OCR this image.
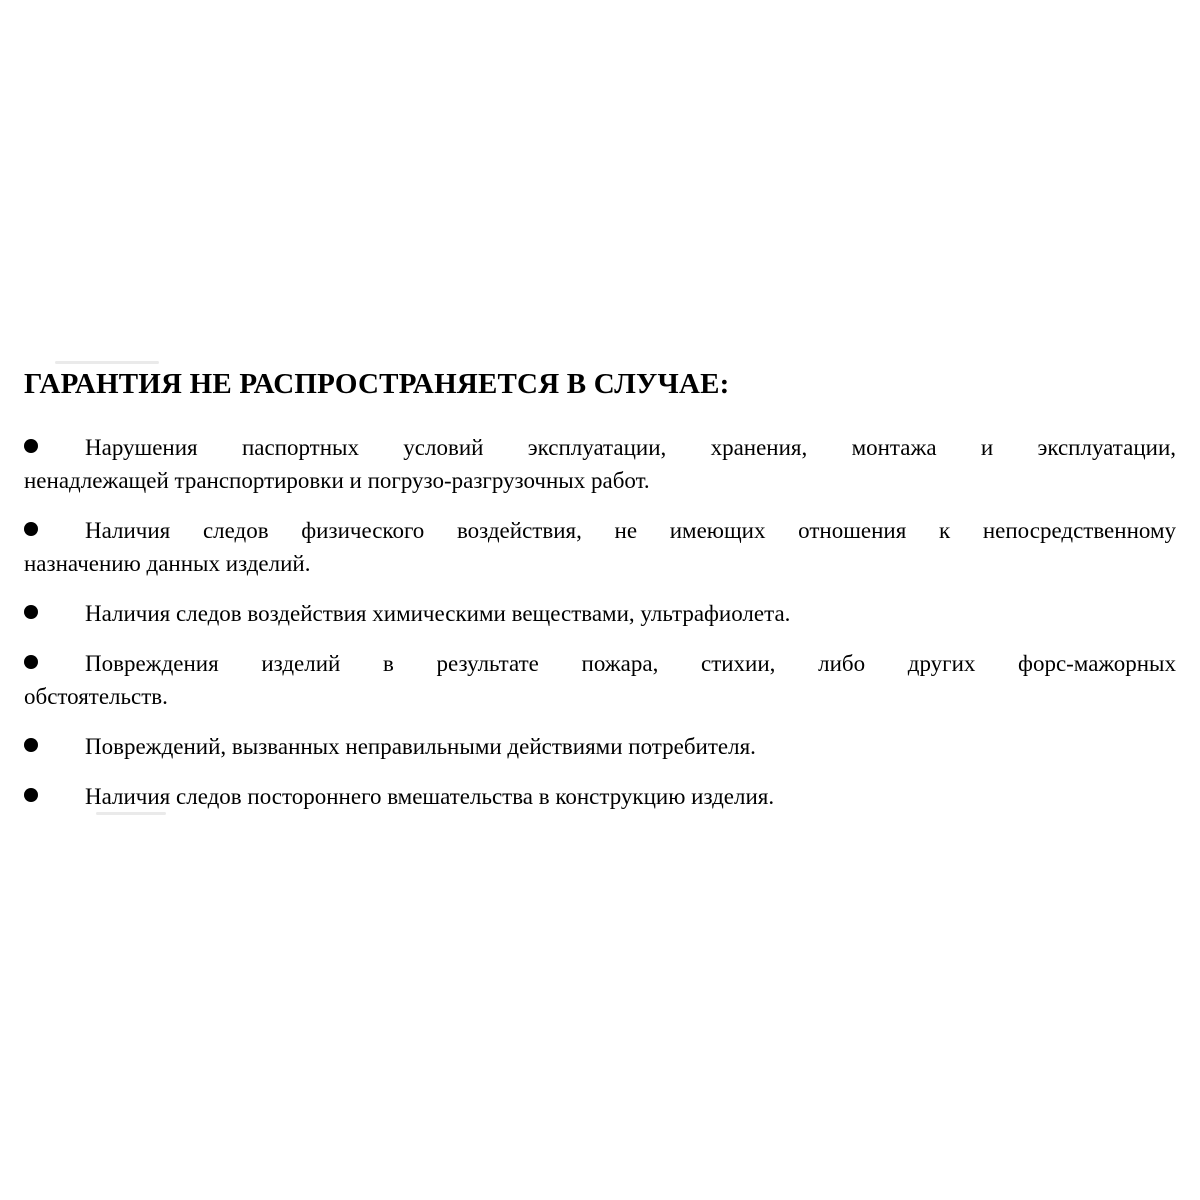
ГАРАНТИЯ НЕ РАСПРОСТРАНЯЕТСЯ В СЛУЧАЕ:
Нарушения паспортных условий эксплуатации, хранения, монтажа и эксплуатации,
ненадлежащей транспортировки и погрузо-разгрузочных работ.
Наличия следов физического воздействия, не имеющих отношения к непосредственному
назначению данных изделий.
Наличия следов воздействия химическими веществами, ультрафиолета.
Повреждения изделий в результате пожара, стихии, либо других форс-мажорных
обстоятельств.
Повреждений, вызванных неправильными действиями потребителя.
Наличия следов постороннего вмешательства в конструкцию изделия.
